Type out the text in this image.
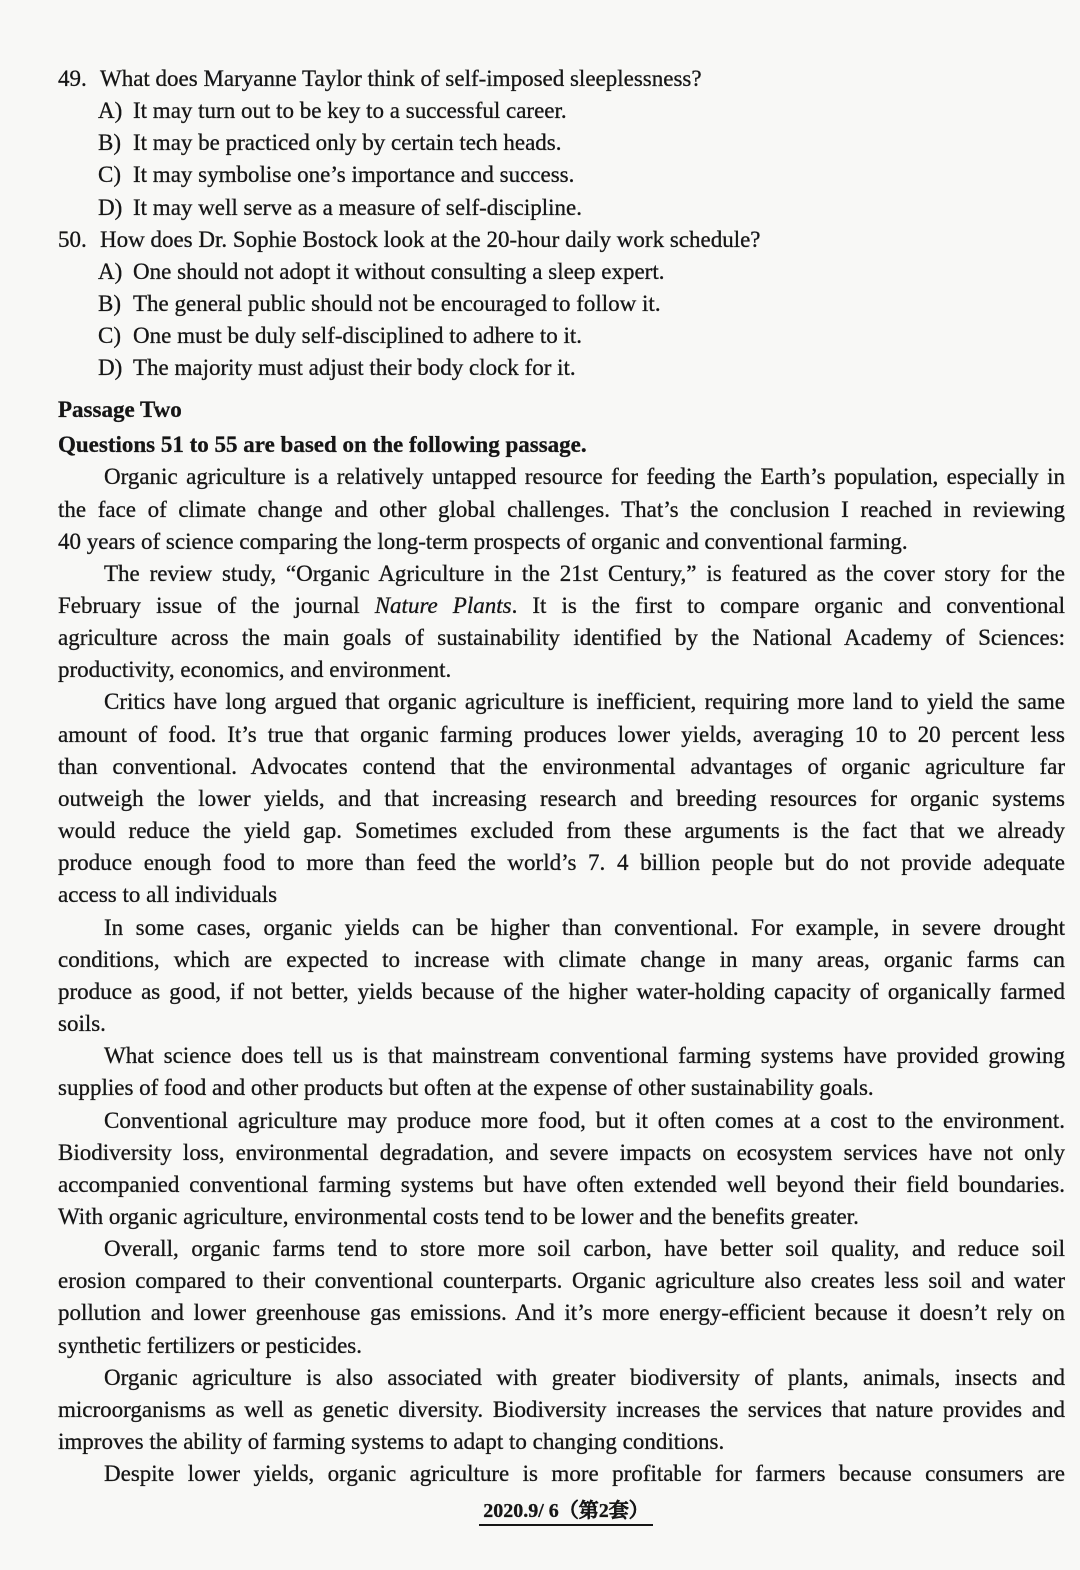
49. What does Maryanne Taylor think of self-imposed sleeplessness?
A) It may turn out to be key to a successful career.
B) It may be practiced only by certain tech heads.
C) It may symbolise one’s importance and success.
D) It may well serve as a measure of self-discipline.
50. How does Dr. Sophie Bostock look at the 20-hour daily work schedule?
A) One should not adopt it without consulting a sleep expert.
B) The general public should not be encouraged to follow it.
C) One must be duly self-disciplined to adhere to it.
D) The majority must adjust their body clock for it.
Passage Two
Questions 51 to 55 are based on the following passage.
Organic agriculture is a relatively untapped resource for feeding the Earth’s population, especially in
the face of climate change and other global challenges. That’s the conclusion I reached in reviewing
40 years of science comparing the long-term prospects of organic and conventional farming.
The review study, “Organic Agriculture in the 21st Century,” is featured as the cover story for the
February issue of the journal Nature Plants. It is the first to compare organic and conventional
agriculture across the main goals of sustainability identified by the National Academy of Sciences:
productivity, economics, and environment.
Critics have long argued that organic agriculture is inefficient, requiring more land to yield the same
amount of food. It’s true that organic farming produces lower yields, averaging 10 to 20 percent less
than conventional. Advocates contend that the environmental advantages of organic agriculture far
outweigh the lower yields, and that increasing research and breeding resources for organic systems
would reduce the yield gap. Sometimes excluded from these arguments is the fact that we already
produce enough food to more than feed the world’s 7. 4 billion people but do not provide adequate
access to all individuals
In some cases, organic yields can be higher than conventional. For example, in severe drought
conditions, which are expected to increase with climate change in many areas, organic farms can
produce as good, if not better, yields because of the higher water-holding capacity of organically farmed
soils.
What science does tell us is that mainstream conventional farming systems have provided growing
supplies of food and other products but often at the expense of other sustainability goals.
Conventional agriculture may produce more food, but it often comes at a cost to the environment.
Biodiversity loss, environmental degradation, and severe impacts on ecosystem services have not only
accompanied conventional farming systems but have often extended well beyond their field boundaries.
With organic agriculture, environmental costs tend to be lower and the benefits greater.
Overall, organic farms tend to store more soil carbon, have better soil quality, and reduce soil
erosion compared to their conventional counterparts. Organic agriculture also creates less soil and water
pollution and lower greenhouse gas emissions. And it’s more energy-efficient because it doesn’t rely on
synthetic fertilizers or pesticides.
Organic agriculture is also associated with greater biodiversity of plants, animals, insects and
microorganisms as well as genetic diversity. Biodiversity increases the services that nature provides and
improves the ability of farming systems to adapt to changing conditions.
Despite lower yields, organic agriculture is more profitable for farmers because consumers are
2020.9/ 6（第2套）
